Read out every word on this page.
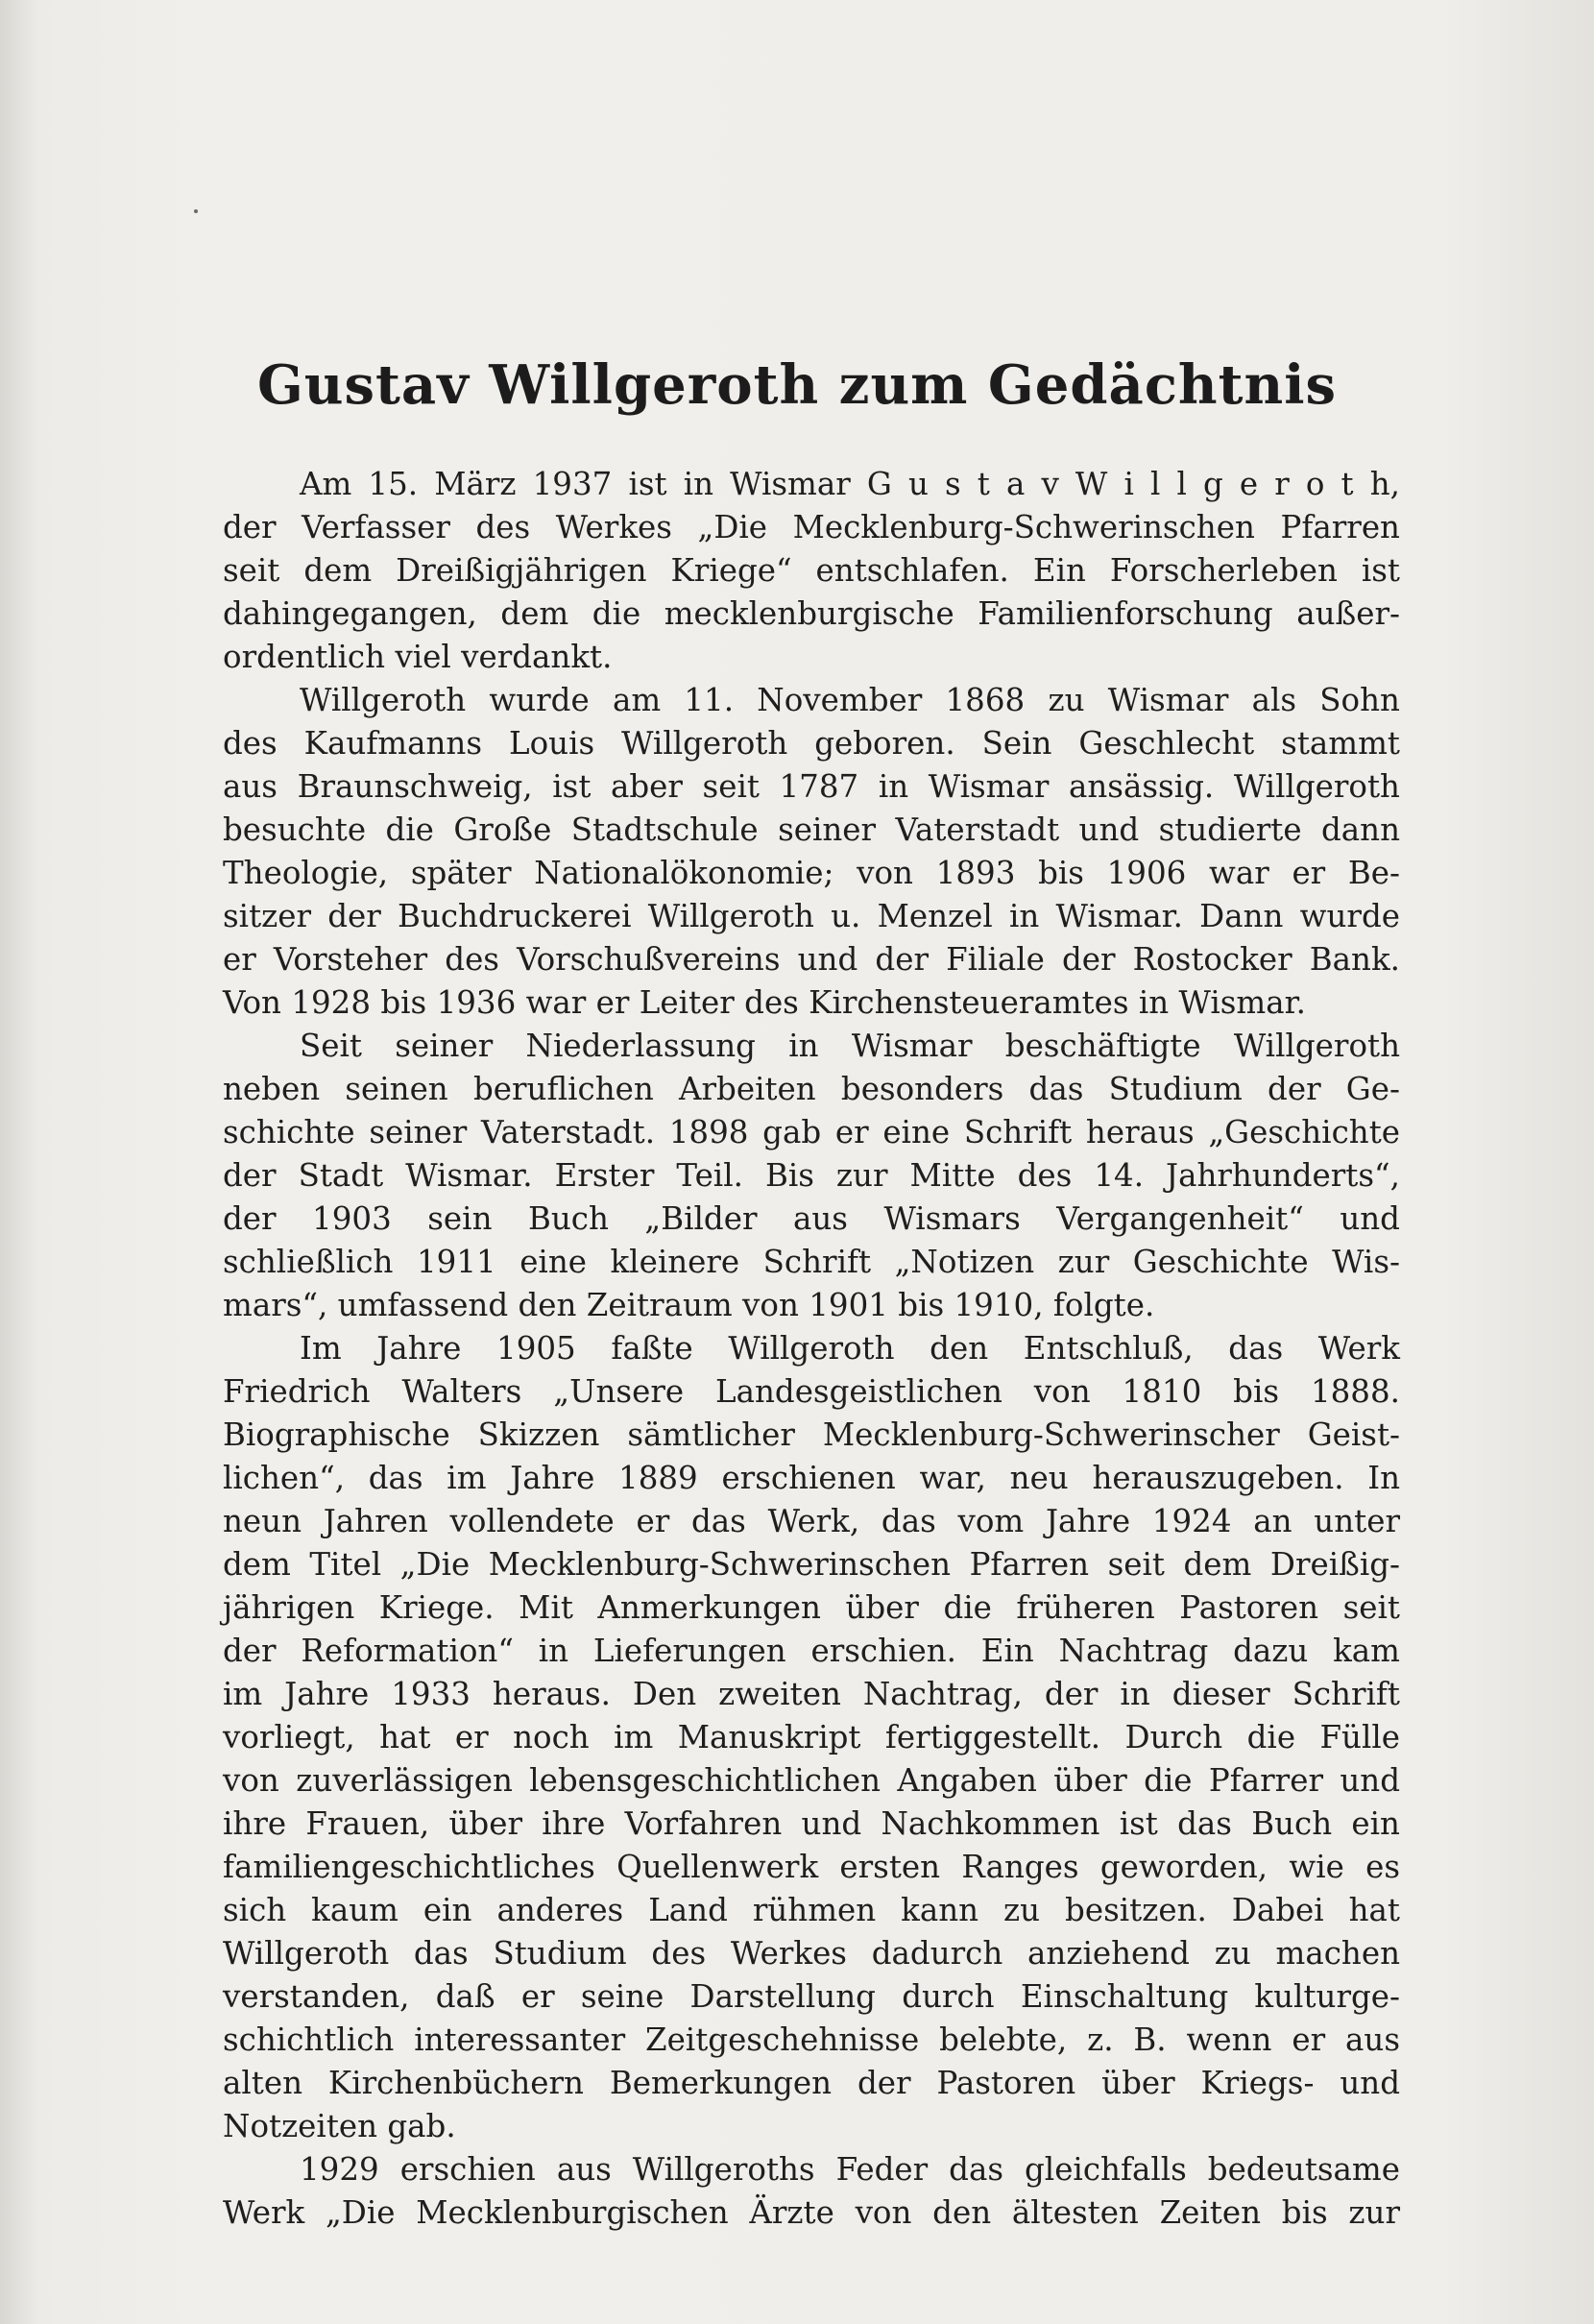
Gustav Willgeroth zum Gedächtnis
Am 15. März 1937 ist in Wismar G u s t a v W i l l g e r o t h,
der Verfasser des Werkes „Die Mecklenburg-Schwerinschen Pfarren
seit dem Dreißigjährigen Kriege“ entschlafen. Ein Forscherleben ist
dahingegangen, dem die mecklenburgische Familienforschung außer-
ordentlich viel verdankt.
Willgeroth wurde am 11. November 1868 zu Wismar als Sohn
des Kaufmanns Louis Willgeroth geboren. Sein Geschlecht stammt
aus Braunschweig, ist aber seit 1787 in Wismar ansässig. Willgeroth
besuchte die Große Stadtschule seiner Vaterstadt und studierte dann
Theologie, später Nationalökonomie; von 1893 bis 1906 war er Be-
sitzer der Buchdruckerei Willgeroth u. Menzel in Wismar. Dann wurde
er Vorsteher des Vorschußvereins und der Filiale der Rostocker Bank.
Von 1928 bis 1936 war er Leiter des Kirchensteueramtes in Wismar.
Seit seiner Niederlassung in Wismar beschäftigte Willgeroth
neben seinen beruflichen Arbeiten besonders das Studium der Ge-
schichte seiner Vaterstadt. 1898 gab er eine Schrift heraus „Geschichte
der Stadt Wismar. Erster Teil. Bis zur Mitte des 14. Jahrhunderts“,
der 1903 sein Buch „Bilder aus Wismars Vergangenheit“ und
schließlich 1911 eine kleinere Schrift „Notizen zur Geschichte Wis-
mars“, umfassend den Zeitraum von 1901 bis 1910, folgte.
Im Jahre 1905 faßte Willgeroth den Entschluß, das Werk
Friedrich Walters „Unsere Landesgeistlichen von 1810 bis 1888.
Biographische Skizzen sämtlicher Mecklenburg-Schwerinscher Geist-
lichen“, das im Jahre 1889 erschienen war, neu herauszugeben. In
neun Jahren vollendete er das Werk, das vom Jahre 1924 an unter
dem Titel „Die Mecklenburg-Schwerinschen Pfarren seit dem Dreißig-
jährigen Kriege. Mit Anmerkungen über die früheren Pastoren seit
der Reformation“ in Lieferungen erschien. Ein Nachtrag dazu kam
im Jahre 1933 heraus. Den zweiten Nachtrag, der in dieser Schrift
vorliegt, hat er noch im Manuskript fertiggestellt. Durch die Fülle
von zuverlässigen lebensgeschichtlichen Angaben über die Pfarrer und
ihre Frauen, über ihre Vorfahren und Nachkommen ist das Buch ein
familiengeschichtliches Quellenwerk ersten Ranges geworden, wie es
sich kaum ein anderes Land rühmen kann zu besitzen. Dabei hat
Willgeroth das Studium des Werkes dadurch anziehend zu machen
verstanden, daß er seine Darstellung durch Einschaltung kulturge-
schichtlich interessanter Zeitgeschehnisse belebte, z. B. wenn er aus
alten Kirchenbüchern Bemerkungen der Pastoren über Kriegs- und
Notzeiten gab.
1929 erschien aus Willgeroths Feder das gleichfalls bedeutsame
Werk „Die Mecklenburgischen Ärzte von den ältesten Zeiten bis zur
